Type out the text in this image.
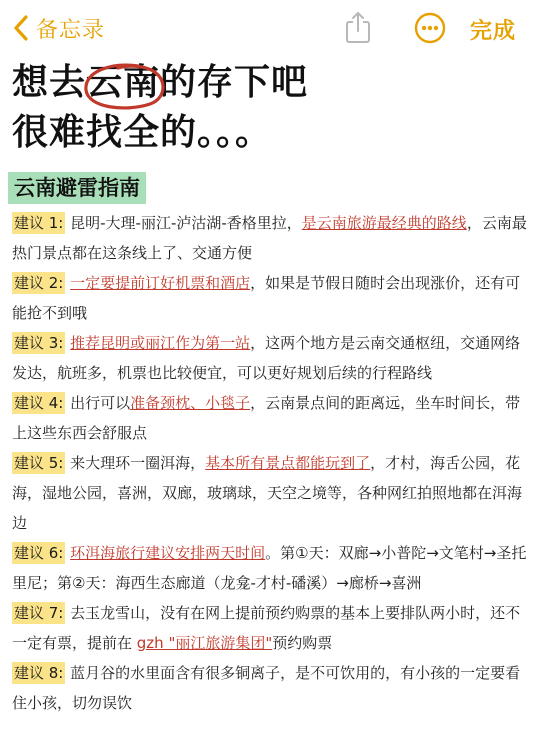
备忘录	完成
想去云南的存下吧
很难找全的。。。
云南避雷指南

建议 1: 昆明-大理-丽江-泸沽湖-香格里拉，是云南旅游最经典的路线，云南最热门景点都在这条线上了、交通方便

建议 2: 一定要提前订好机票和酒店，如果是节假日随时会出现涨价，还有可能抢不到哦

建议 3: 推荐昆明或丽江作为第一站，这两个地方是云南交通枢纽，交通网络发达，航班多，机票也比较便宜，可以更好规划后续的行程路线

建议 4: 出行可以准备颈枕、小毯子，云南景点间的距离远，坐车时间长，带上这些东西会舒服点

建议 5: 来大理环一圈洱海，基本所有景点都能玩到了，才村，海舌公园，花海，湿地公园，喜洲，双廊，玻璃球，天空之境等，各种网红拍照地都在洱海边

建议 6: 环洱海旅行建议安排两天时间。第①天：双廊→小普陀→文笔村→圣托里尼；第②天：海西生态廊道（龙龛-才村-磻溪）→廊桥→喜洲

建议 7: 去玉龙雪山，没有在网上提前预约购票的基本上要排队两小时，还不一定有票，提前在 gzh "丽江旅游集团"预约购票

建议 8: 蓝月谷的水里面含有很多铜离子，是不可饮用的，有小孩的一定要看住小孩，切勿误饮
